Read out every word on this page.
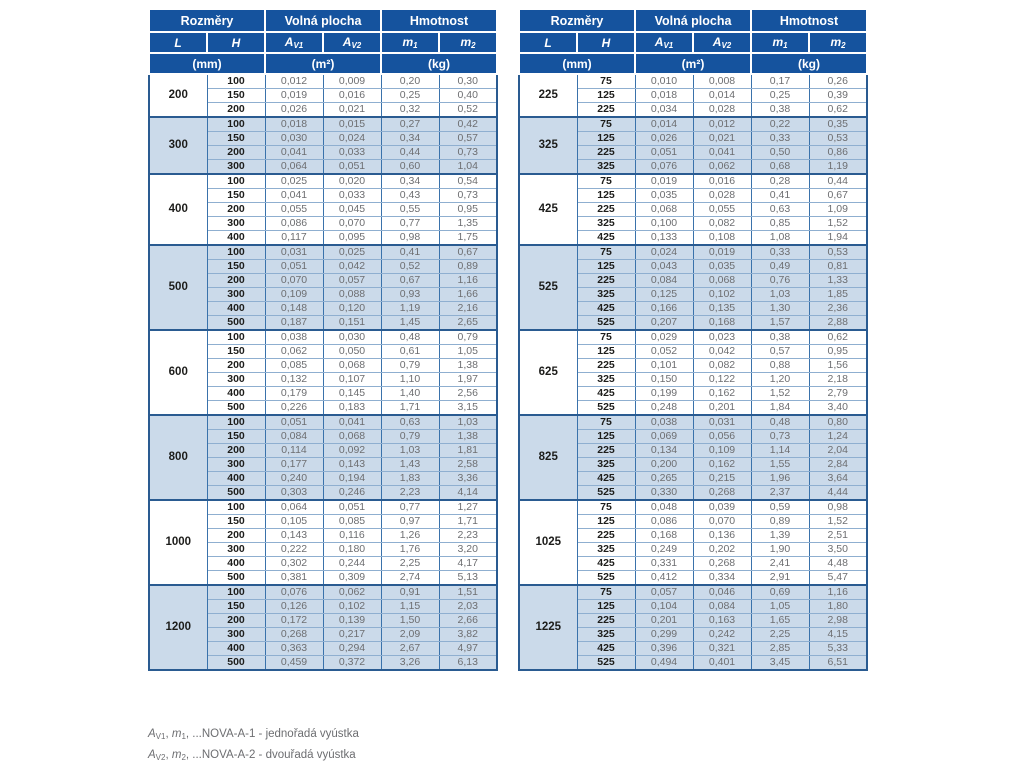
Rozměry		Volná plocha		Hmotnost	
L	H	$A_{V1}$	$A_{V2}$	$m_1$	$m_2$
(mm)		(m²)		(kg)	
200	100	0,012	0,009	0,20	0,30
	150	0,019	0,016	0,25	0,40
	200	0,026	0,021	0,32	0,52
300	100	0,018	0,015	0,27	0,42
	150	0,030	0,024	0,34	0,57
	200	0,041	0,033	0,44	0,73
	300	0,064	0,051	0,60	1,04
400	100	0,025	0,020	0,34	0,54
	150	0,041	0,033	0,43	0,73
	200	0,055	0,045	0,55	0,95
	300	0,086	0,070	0,77	1,35
	400	0,117	0,095	0,98	1,75
500	100	0,031	0,025	0,41	0,67
	150	0,051	0,042	0,52	0,89
	200	0,070	0,057	0,67	1,16
	300	0,109	0,088	0,93	1,66
	400	0,148	0,120	1,19	2,16
	500	0,187	0,151	1,45	2,65
600	100	0,038	0,030	0,48	0,79
	150	0,062	0,050	0,61	1,05
	200	0,085	0,068	0,79	1,38
	300	0,132	0,107	1,10	1,97
	400	0,179	0,145	1,40	2,56
	500	0,226	0,183	1,71	3,15
800	100	0,051	0,041	0,63	1,03
	150	0,084	0,068	0,79	1,38
	200	0,114	0,092	1,03	1,81
	300	0,177	0,143	1,43	2,58
	400	0,240	0,194	1,83	3,36
	500	0,303	0,246	2,23	4,14
1000	100	0,064	0,051	0,77	1,27
	150	0,105	0,085	0,97	1,71
	200	0,143	0,116	1,26	2,23
	300	0,222	0,180	1,76	3,20
	400	0,302	0,244	2,25	4,17
	500	0,381	0,309	2,74	5,13
1200	100	0,076	0,062	0,91	1,51
	150	0,126	0,102	1,15	2,03
	200	0,172	0,139	1,50	2,66
	300	0,268	0,217	2,09	3,82
	400	0,363	0,294	2,67	4,97
	500	0,459	0,372	3,26	6,13
Rozměry		Volná plocha		Hmotnost	
L	H	$A_{V1}$	$A_{V2}$	$m_1$	$m_2$
(mm)		(m²)		(kg)	
225	75	0,010	0,008	0,17	0,26
	125	0,018	0,014	0,25	0,39
	225	0,034	0,028	0,38	0,62
325	75	0,014	0,012	0,22	0,35
	125	0,026	0,021	0,33	0,53
	225	0,051	0,041	0,50	0,86
	325	0,076	0,062	0,68	1,19
425	75	0,019	0,016	0,28	0,44
	125	0,035	0,028	0,41	0,67
	225	0,068	0,055	0,63	1,09
	325	0,100	0,082	0,85	1,52
	425	0,133	0,108	1,08	1,94
525	75	0,024	0,019	0,33	0,53
	125	0,043	0,035	0,49	0,81
	225	0,084	0,068	0,76	1,33
	325	0,125	0,102	1,03	1,85
	425	0,166	0,135	1,30	2,36
	525	0,207	0,168	1,57	2,88
625	75	0,029	0,023	0,38	0,62
	125	0,052	0,042	0,57	0,95
	225	0,101	0,082	0,88	1,56
	325	0,150	0,122	1,20	2,18
	425	0,199	0,162	1,52	2,79
	525	0,248	0,201	1,84	3,40
825	75	0,038	0,031	0,48	0,80
	125	0,069	0,056	0,73	1,24
	225	0,134	0,109	1,14	2,04
	325	0,200	0,162	1,55	2,84
	425	0,265	0,215	1,96	3,64
	525	0,330	0,268	2,37	4,44
1025	75	0,048	0,039	0,59	0,98
	125	0,086	0,070	0,89	1,52
	225	0,168	0,136	1,39	2,51
	325	0,249	0,202	1,90	3,50
	425	0,331	0,268	2,41	4,48
	525	0,412	0,334	2,91	5,47
1225	75	0,057	0,046	0,69	1,16
	125	0,104	0,084	1,05	1,80
	225	0,201	0,163	1,65	2,98
	325	0,299	0,242	2,25	4,15
	425	0,396	0,321	2,85	5,33
	525	0,494	0,401	3,45	6,51
$A_{V1}$, $m_1$, ...NOVA-A-1 - jednořadá vyústka
$A_{V2}$, $m_2$, ...NOVA-A-2 - dvouřadá vyústka
